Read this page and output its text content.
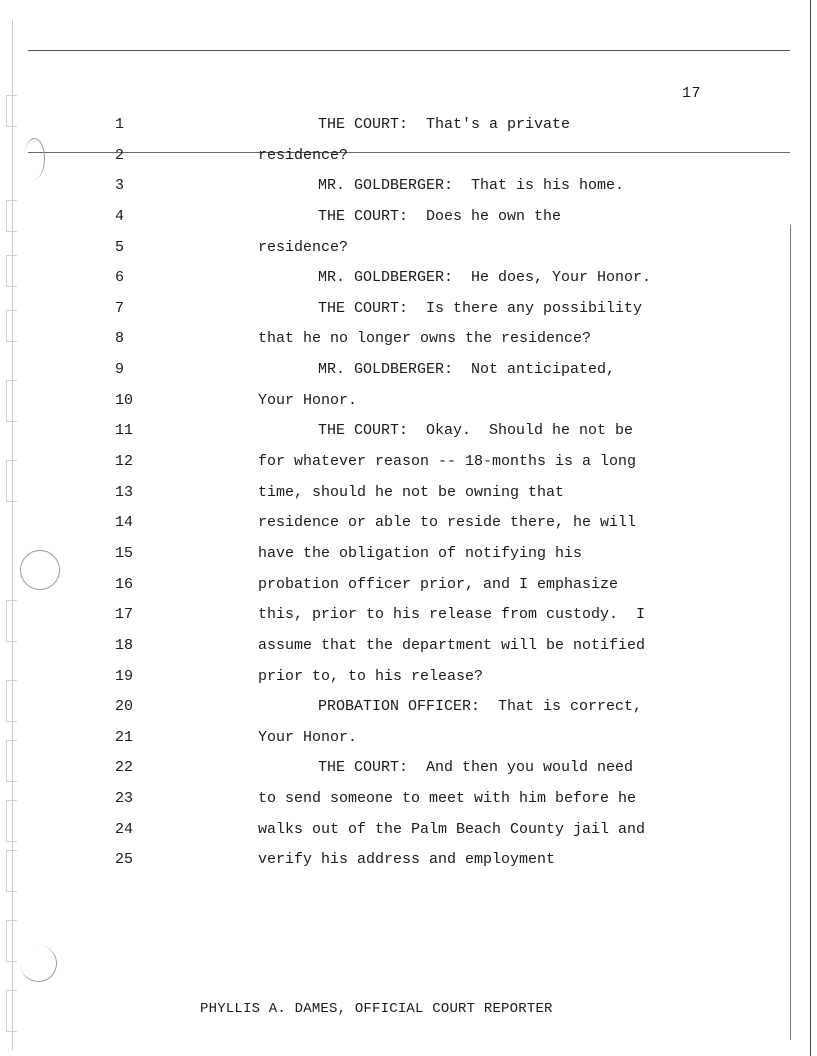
17
1	THE COURT:  That's a private
2	residence?
3	MR. GOLDBERGER:  That is his home.
4	THE COURT:  Does he own the
5	residence?
6	MR. GOLDBERGER:  He does, Your Honor.
7	THE COURT:  Is there any possibility
8	that he no longer owns the residence?
9	MR. GOLDBERGER:  Not anticipated,
10	Your Honor.
11	THE COURT:  Okay.  Should he not be
12	for whatever reason -- 18-months is a long
13	time, should he not be owning that
14	residence or able to reside there, he will
15	have the obligation of notifying his
16	probation officer prior, and I emphasize
17	this, prior to his release from custody.  I
18	assume that the department will be notified
19	prior to, to his release?
20	PROBATION OFFICER:  That is correct,
21	Your Honor.
22	THE COURT:  And then you would need
23	to send someone to meet with him before he
24	walks out of the Palm Beach County jail and
25	verify his address and employment
PHYLLIS A. DAMES, OFFICIAL COURT REPORTER
